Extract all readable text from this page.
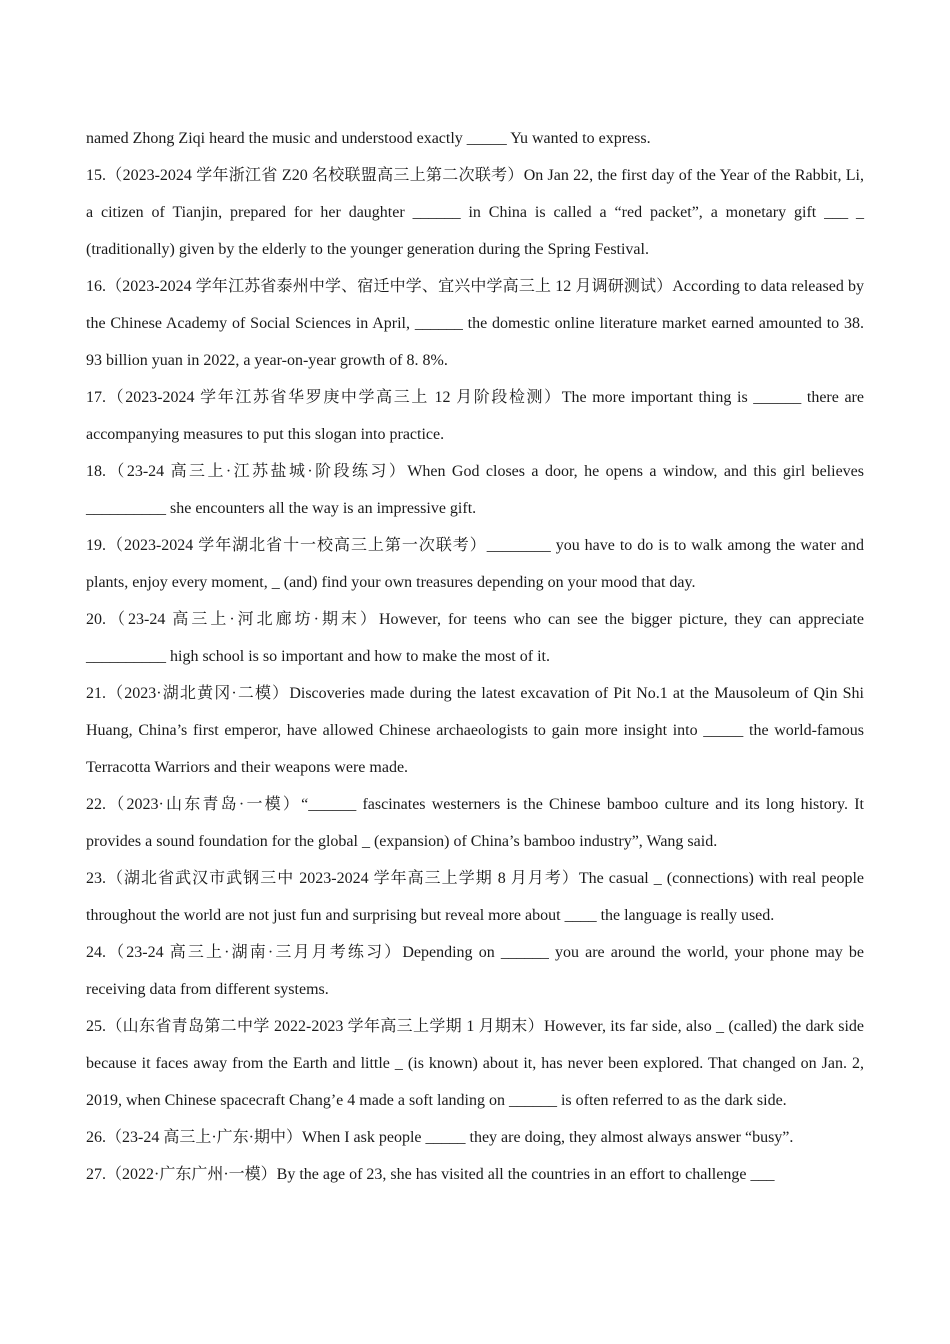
named Zhong Ziqi heard the music and understood exactly _____ Yu wanted to express.

15.（2023-2024 学年浙江省 Z20 名校联盟高三上第二次联考）On Jan 22, the first day of the Year of the Rabbit, Li, a citizen of Tianjin, prepared for her daughter ______ in China is called a “red packet”, a monetary gift ___ _ (traditionally) given by the elderly to the younger generation during the Spring Festival.

16.（2023-2024 学年江苏省泰州中学、宿迁中学、宜兴中学高三上 12 月调研测试）According to data released by the Chinese Academy of Social Sciences in April, ______ the domestic online literature market earned amounted to 38. 93 billion yuan in 2022, a year-on-year growth of 8. 8%.

17.（2023-2024 学年江苏省华罗庚中学高三上 12 月阶段检测）The more important thing is ______ there are accompanying measures to put this slogan into practice.

18.（23-24 高三上·江苏盐城·阶段练习）When God closes a door, he opens a window, and this girl believes __________ she encounters all the way is an impressive gift.

19.（2023-2024 学年湖北省十一校高三上第一次联考）________ you have to do is to walk among the water and plants, enjoy every moment, _ (and) find your own treasures depending on your mood that day.

20.（23-24 高三上·河北廊坊·期末）However, for teens who can see the bigger picture, they can appreciate __________ high school is so important and how to make the most of it.

21.（2023·湖北黄冈·二模）Discoveries made during the latest excavation of Pit No.1 at the Mausoleum of Qin Shi Huang, China’s first emperor, have allowed Chinese archaeologists to gain more insight into _____ the world-famous Terracotta Warriors and their weapons were made.

22.（2023·山东青岛·一模）“______ fascinates westerners is the Chinese bamboo culture and its long history. It provides a sound foundation for the global _ (expansion) of China’s bamboo industry”, Wang said.

23.（湖北省武汉市武钢三中 2023-2024 学年高三上学期 8 月月考）The casual _ (connections) with real people throughout the world are not just fun and surprising but reveal more about ____ the language is really used.

24.（23-24 高三上·湖南·三月月考练习）Depending on ______ you are around the world, your phone may be receiving data from different systems.

25.（山东省青岛第二中学 2022-2023 学年高三上学期 1 月期末）However, its far side, also _ (called) the dark side because it faces away from the Earth and little _ (is known) about it, has never been explored. That changed on Jan. 2, 2019, when Chinese spacecraft Chang’e 4 made a soft landing on ______ is often referred to as the dark side.

26.（23-24 高三上·广东·期中）When I ask people _____ they are doing, they almost always answer “busy”.

27.（2022·广东广州·一模）By the age of 23, she has visited all the countries in an effort to challenge ___
